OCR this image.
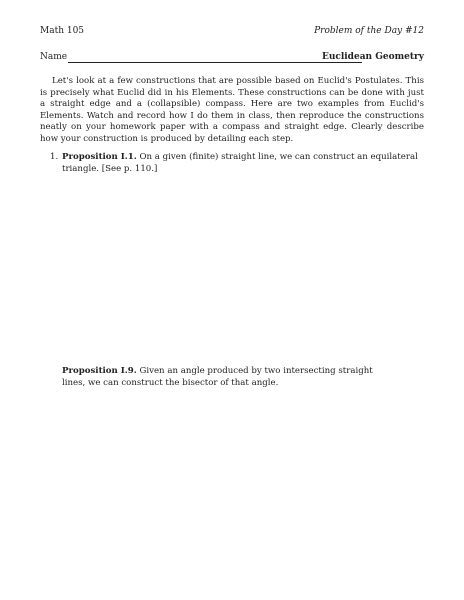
Math 105	Problem of the Day #12
Name	Euclidean Geometry

Let's look at a few constructions that are possible based on Euclid's Postulates. This is precisely what Euclid did in his Elements. These constructions can be done with just a straight edge and a (collapsible) compass. Here are two examples from Euclid's Elements. Watch and record how I do them in class, then reproduce the constructions neatly on your homework paper with a compass and straight edge. Clearly describe how your construction is produced by detailing each step.

1. Proposition I.1. On a given (finite) straight line, we can construct an equilateral triangle. [See p. 110.]
Proposition I.9. Given an angle produced by two intersecting straight lines, we can construct the bisector of that angle.
